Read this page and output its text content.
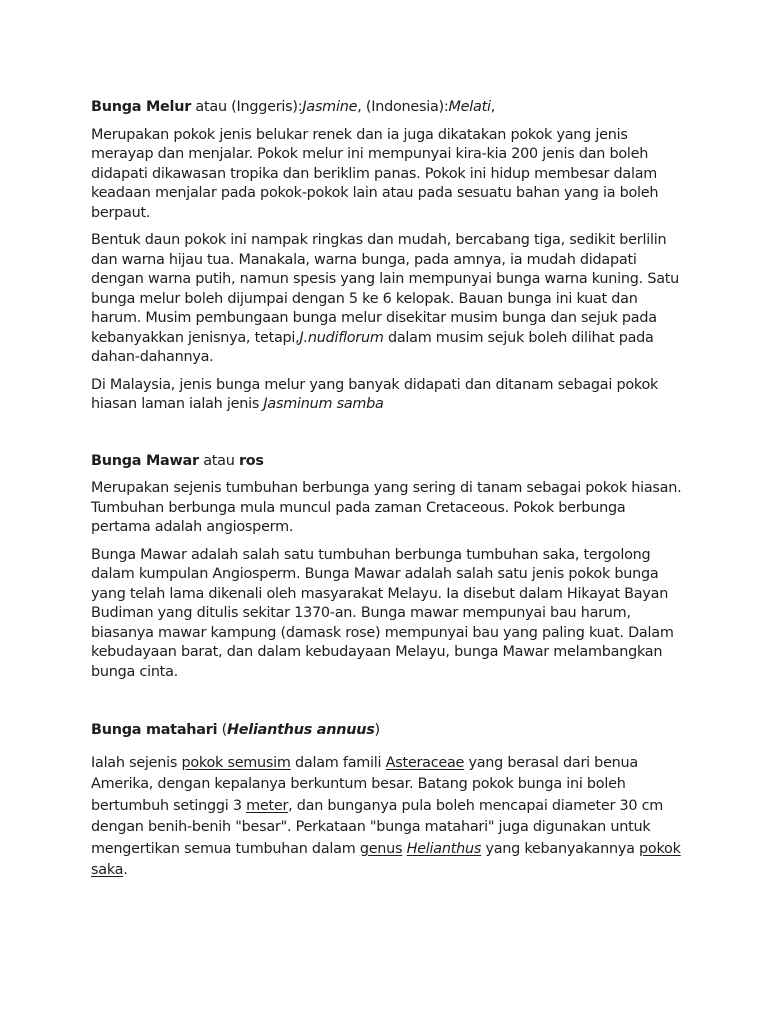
Bunga Melur atau (Inggeris):Jasmine, (Indonesia):Melati,

Merupakan pokok jenis belukar renek dan ia juga dikatakan pokok yang jenis merayap dan menjalar. Pokok melur ini mempunyai kira-kia 200 jenis dan boleh didapati dikawasan tropika dan beriklim panas. Pokok ini hidup membesar dalam keadaan menjalar pada pokok-pokok lain atau pada sesuatu bahan yang ia boleh berpaut.

Bentuk daun pokok ini nampak ringkas dan mudah, bercabang tiga, sedikit berlilin dan warna hijau tua. Manakala, warna bunga, pada amnya, ia mudah didapati dengan warna putih, namun spesis yang lain mempunyai bunga warna kuning. Satu bunga melur boleh dijumpai dengan 5 ke 6 kelopak. Bauan bunga ini kuat dan harum. Musim pembungaan bunga melur disekitar musim bunga dan sejuk pada kebanyakkan jenisnya, tetapi,J.nudiflorum dalam musim sejuk boleh dilihat pada dahan-dahannya.

Di Malaysia, jenis bunga melur yang banyak didapati dan ditanam sebagai pokok hiasan laman ialah jenis Jasminum samba

Bunga Mawar atau ros

Merupakan sejenis tumbuhan berbunga yang sering di tanam sebagai pokok hiasan. Tumbuhan berbunga mula muncul pada zaman Cretaceous. Pokok berbunga pertama adalah angiosperm.

Bunga Mawar adalah salah satu tumbuhan berbunga tumbuhan saka, tergolong dalam kumpulan Angiosperm. Bunga Mawar adalah salah satu jenis pokok bunga yang telah lama dikenali oleh masyarakat Melayu. Ia disebut dalam Hikayat Bayan Budiman yang ditulis sekitar 1370-an. Bunga mawar mempunyai bau harum, biasanya mawar kampung (damask rose) mempunyai bau yang paling kuat. Dalam kebudayaan barat, dan dalam kebudayaan Melayu, bunga Mawar melambangkan bunga cinta.

Bunga matahari (Helianthus annuus)

Ialah sejenis pokok semusim dalam famili Asteraceae yang berasal dari benua Amerika, dengan kepalanya berkuntum besar. Batang pokok bunga ini boleh bertumbuh setinggi 3 meter, dan bunganya pula boleh mencapai diameter 30 cm dengan benih-benih "besar". Perkataan "bunga matahari" juga digunakan untuk mengertikan semua tumbuhan dalam genus Helianthus yang kebanyakannya pokok saka.
